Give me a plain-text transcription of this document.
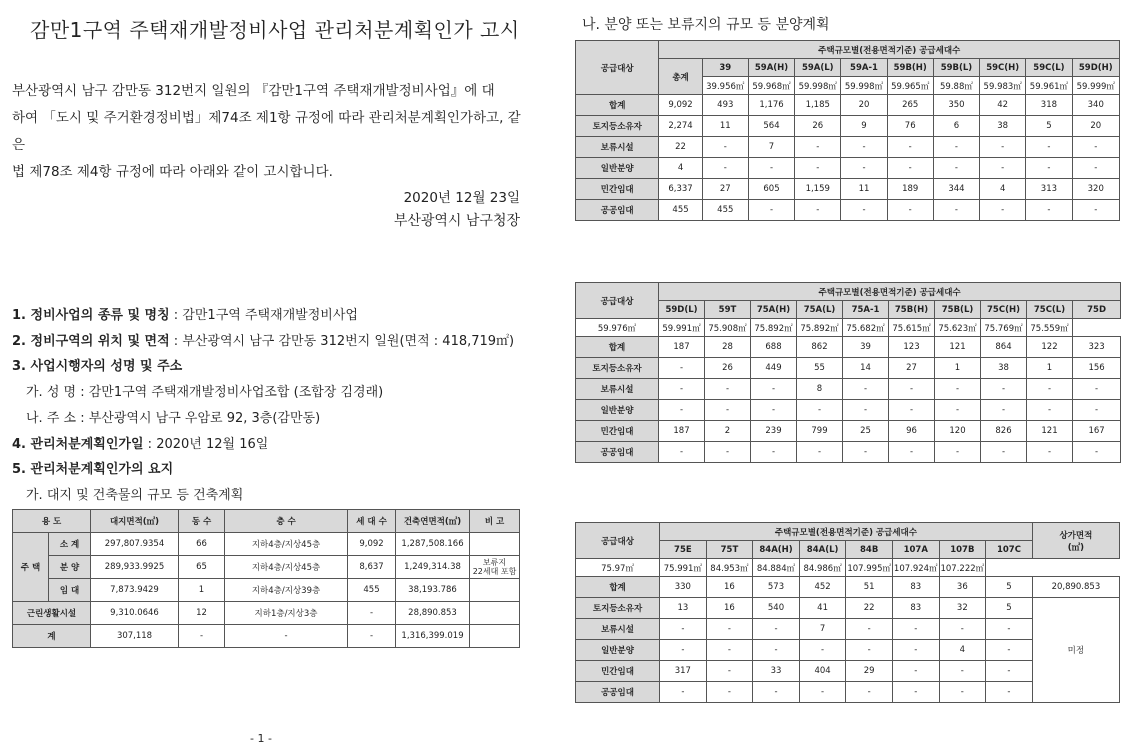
감만1구역 주택재개발정비사업 관리처분계획인가 고시
부산광역시 남구 감만동 312번지 일원의 『감만1구역 주택재개발정비사업』에 대
하여 「도시 및 주거환경정비법」제74조 제1항 규정에 따라 관리처분계획인가하고, 같은
법 제78조 제4항 규정에 따라 아래와 같이 고시합니다.
2020년 12월 23일
부산광역시 남구청장
1. 정비사업의 종류 및 명칭 : 감만1구역 주택재개발정비사업
2. 정비구역의 위치 및 면적 : 부산광역시 남구 감만동 312번지 일원(면적 : 418,719㎡)
3. 사업시행자의 성명 및 주소
가. 성 명 : 감만1구역 주택재개발정비사업조합 (조합장 김경래)
나. 주 소 : 부산광역시 남구 우암로 92, 3층(감만동)
4. 관리처분계획인가일 : 2020년 12월 16일
5. 관리처분계획인가의 요지
가. 대지 및 건축물의 규모 등 건축계획
용 도		대지면적(㎡)	동 수	층 수	세 대 수	건축연면적(㎡)	비 고
주 택	소 계	297,807.9354	66	지하4층/지상45층	9,092	1,287,508.166	
	분 양	289,933.9925	65	지하4층/지상45층	8,637	1,249,314.38	보류지
22세대 포함
	임 대	7,873.9429	1	지하4층/지상39층	455	38,193.786	
근린생활시설		9,310.0646	12	지하1층/지상3층	-	28,890.853	
계		307,118	-	-	-	1,316,399.019	
- 1 -
나. 분양 또는 보류지의 규모 등 분양계획
공급대상	주택규모별(전용면적기준) 공급세대수									
	총계	39	59A(H)	59A(L)	59A-1	59B(H)	59B(L)	59C(H)	59C(L)	59D(H)
		39.956㎡	59.968㎡	59.998㎡	59.998㎡	59.965㎡	59.88㎡	59.983㎡	59.961㎡	59.999㎡
합계	9,092	493	1,176	1,185	20	265	350	42	318	340
토지등소유자	2,274	11	564	26	9	76	6	38	5	20
보류시설	22	-	7	-	-	-	-	-	-	-
일반분양	4	-	-	-	-	-	-	-	-	-
민간임대	6,337	27	605	1,159	11	189	344	4	313	320
공공임대	455	455	-	-	-	-	-	-	-	-
공급대상	주택규모별(전용면적기준) 공급세대수									
	59D(L)	59T	75A(H)	75A(L)	75A-1	75B(H)	75B(L)	75C(H)	75C(L)	75D
59.976㎡	59.991㎡	75.908㎡	75.892㎡	75.892㎡	75.682㎡	75.615㎡	75.623㎡	75.769㎡	75.559㎡	
합계	187	28	688	862	39	123	121	864	122	323
토지등소유자	-	26	449	55	14	27	1	38	1	156
보류시설	-	-	-	8	-	-	-	-	-	-
일반분양	-	-	-	-	-	-	-	-	-	-
민간임대	187	2	239	799	25	96	120	826	121	167
공공임대	-	-	-	-	-	-	-	-	-	-
공급대상	주택규모별(전용면적기준) 공급세대수								상가면적
(㎡)
	75E	75T	84A(H)	84A(L)	84B	107A	107B	107C	
75.97㎡	75.991㎡	84.953㎡	84.884㎡	84.986㎡	107.995㎡	107.924㎡	107.222㎡		
합계	330	16	573	452	51	83	36	5	20,890.853
토지등소유자	13	16	540	41	22	83	32	5	미정
보류시설	-	-	-	7	-	-	-	-	
일반분양	-	-	-	-	-	-	4	-	
민간임대	317	-	33	404	29	-	-	-	
공공임대	-	-	-	-	-	-	-	-	
